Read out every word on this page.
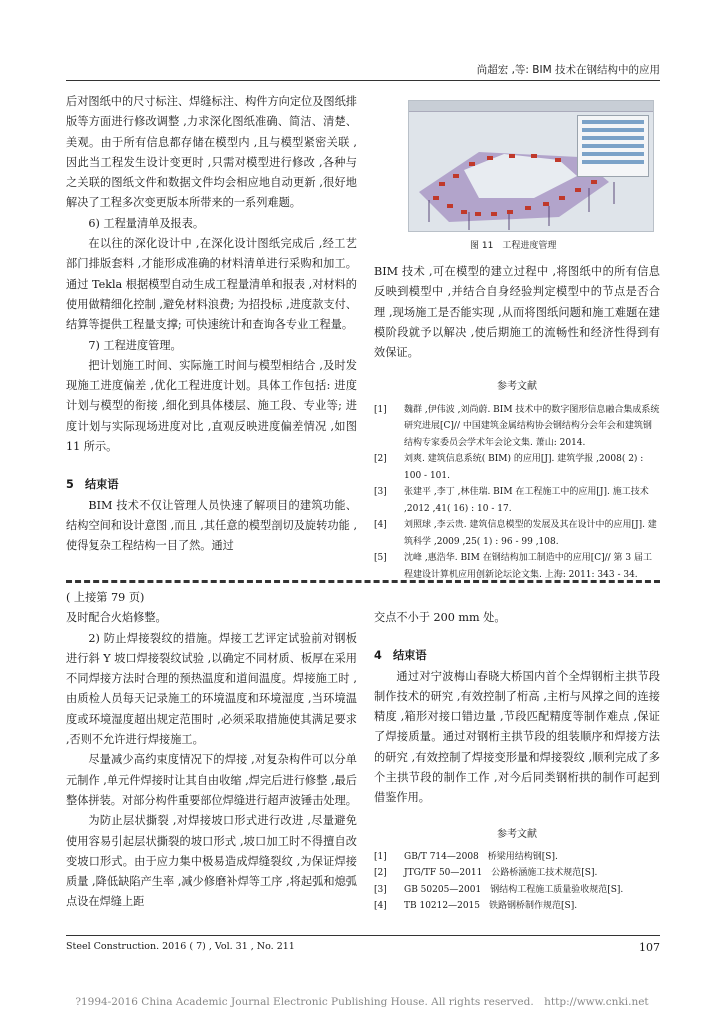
尚超宏 ,等: BIM 技术在钢结构中的应用

后对图纸中的尺寸标注、焊缝标注、构件方向定位及图纸排版等方面进行修改调整 ,力求深化图纸准确、简洁、清楚、美观。由于所有信息都存储在模型内 ,且与模型紧密关联 ,因此当工程发生设计变更时 ,只需对模型进行修改 ,各种与之关联的图纸文件和数据文件均会相应地自动更新 ,很好地解决了工程多次变更版本所带来的一系列难题。

6) 工程量清单及报表。

在以往的深化设计中 ,在深化设计图纸完成后 ,经工艺部门排版套料 ,才能形成准确的材料清单进行采购和加工。通过 Tekla 根据模型自动生成工程量清单和报表 ,对材料的使用做精细化控制 ,避免材料浪费; 为招投标 ,进度款支付、结算等提供工程量支撑; 可快速统计和查询各专业工程量。

7) 工程进度管理。

把计划施工时间、实际施工时间与模型相结合 ,及时发现施工进度偏差 ,优化工程进度计划。具体工作包括: 进度计划与模型的衔接 ,细化到具体楼层、施工段、专业等; 进度计划与实际现场进度对比 ,直观反映进度偏差情况 ,如图 11 所示。

5　结束语

BIM 技术不仅让管理人员快速了解项目的建筑功能、结构空间和设计意图 ,而且 ,其任意的模型剖切及旋转功能 ,使得复杂工程结构一目了然。通过

图 11　工程进度管理

BIM 技术 ,可在模型的建立过程中 ,将图纸中的所有信息反映到模型中 ,并结合自身经验判定模型中的节点是否合理 ,现场施工是否能实现 ,从而将图纸问题和施工难题在建模阶段就予以解决 ,使后期施工的流畅性和经济性得到有效保证。

参考文献

[1] 魏群 ,伊伟波 ,刘尚蔚. BIM 技术中的数字图形信息融合集成系统研究进展[C]// 中国建筑金属结构协会钢结构分会年会和建筑钢结构专家委员会学术年会论文集. 萧山: 2014.
[2] 刘爽. 建筑信息系统( BIM) 的应用[J]. 建筑学报 ,2008( 2) : 100 - 101.
[3] 张建平 ,李丁 ,林佳瑞. BIM 在工程施工中的应用[J]. 施工技术 ,2012 ,41( 16) : 10 - 17.
[4] 刘照球 ,李云贵. 建筑信息模型的发展及其在设计中的应用[J]. 建筑科学 ,2009 ,25( 1) : 96 - 99 ,108.
[5] 沈峰 ,惠浩华. BIM 在钢结构加工制造中的应用[C]// 第 3 届工程建设计算机应用创新论坛论文集. 上海: 2011: 343 - 34.

( 上接第 79 页)

及时配合火焰修整。

2) 防止焊接裂纹的措施。焊接工艺评定试验前对钢板进行斜 Y 坡口焊接裂纹试验 ,以确定不同材质、板厚在采用不同焊接方法时合理的预热温度和道间温度。焊接施工时 ,由质检人员每天记录施工的环境温度和环境湿度 ,当环境温度或环境湿度超出规定范围时 ,必须采取措施使其满足要求 ,否则不允许进行焊接施工。

尽量减少高约束度情况下的焊接 ,对复杂构件可以分单元制作 ,单元件焊接时让其自由收缩 ,焊完后进行修整 ,最后整体拼装。对部分构件重要部位焊缝进行超声波锤击处理。

为防止层状撕裂 ,对焊接坡口形式进行改进 ,尽量避免使用容易引起层状撕裂的坡口形式 ,坡口加工时不得擅自改变坡口形式。由于应力集中极易造成焊缝裂纹 ,为保证焊接质量 ,降低缺陷产生率 ,减少修磨补焊等工序 ,将起弧和熄弧点设在焊缝上距

交点不小于 200 mm 处。

4　结束语

通过对宁波梅山春晓大桥国内首个全焊钢桁主拱节段制作技术的研究 ,有效控制了桁高 ,主桁与风撑之间的连接精度 ,箱形对接口错边量 ,节段匹配精度等制作难点 ,保证了焊接质量。通过对钢桁主拱节段的组装顺序和焊接方法的研究 ,有效控制了焊接变形量和焊接裂纹 ,顺利完成了多个主拱节段的制作工作 ,对今后同类钢桁拱的制作可起到借鉴作用。

参考文献

[1] GB/T 714—2008　桥梁用结构钢[S].
[2] JTG/TF 50—2011　公路桥涵施工技术规范[S].
[3] GB 50205—2001　钢结构工程施工质量验收规范[S].
[4] TB 10212—2015　铁路钢桥制作规范[S].
Steel Construction. 2016 ( 7) , Vol. 31 , No. 211	107
?1994-2016 China Academic Journal Electronic Publishing House. All rights reserved.　http://www.cnki.net
